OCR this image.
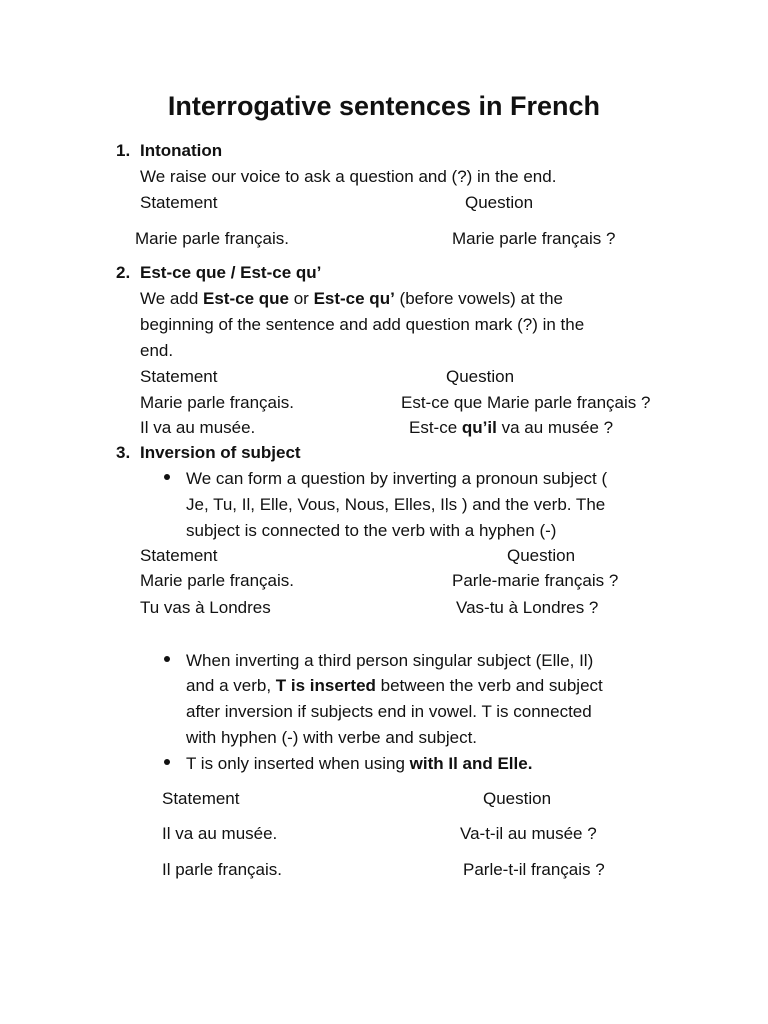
Interrogative sentences in French
1. Intonation
We raise our voice to ask a question and (?) in the end.
Statement	Question
Marie parle français.	Marie parle français ?
2. Est-ce que / Est-ce qu’
We add Est-ce que or Est-ce qu’ (before vowels) at the
beginning of the sentence and add question mark (?) in the
end.
Statement	Question
Marie parle français.	Est-ce que Marie parle français ?
Il va au musée.	Est-ce qu’il va au musée ?
3. Inversion of subject
We can form a question by inverting a pronoun subject (
Je, Tu, Il, Elle, Vous, Nous, Elles, Ils ) and the verb. The
subject is connected to the verb with a hyphen (-)
Statement	Question
Marie parle français.	Parle-marie français ?
Tu vas à Londres	Vas-tu à Londres ?
When inverting a third person singular subject (Elle, Il)
and a verb, T is inserted between the verb and subject
after inversion if subjects end in vowel. T is connected
with hyphen (-) with verbe and subject.
T is only inserted when using with Il and Elle.
Statement	Question
Il va au musée.	Va-t-il au musée ?
Il parle français.	Parle-t-il français ?
